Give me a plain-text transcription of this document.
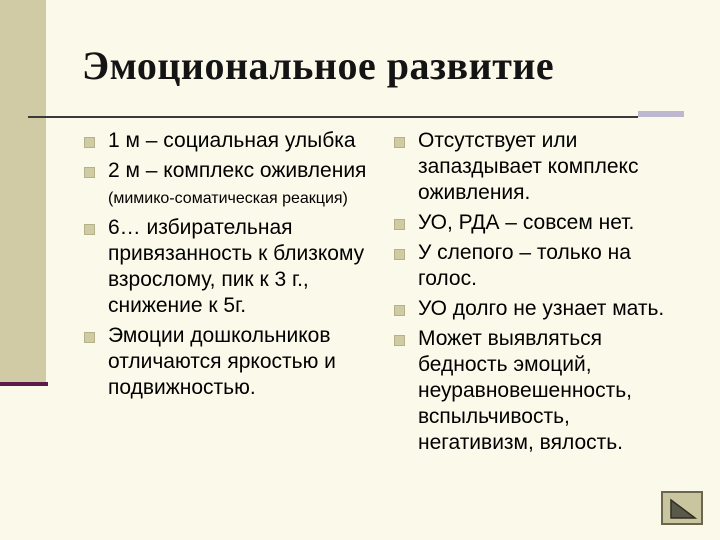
Эмоциональное развитие
1 м – социальная улыбка
2 м – комплекс оживления (мимико-соматическая реакция)
6… избирательная привязанность к близкому взрослому, пик к 3 г., снижение к 5г.
Эмоции дошкольников отличаются яркостью и подвижностью.
Отсутствует или запаздывает комплекс оживления.
УО, РДА – совсем нет.
У слепого – только на голос.
УО долго не узнает мать.
Может выявляться бедность эмоций, неуравновешенность, вспыльчивость, негативизм, вялость.
